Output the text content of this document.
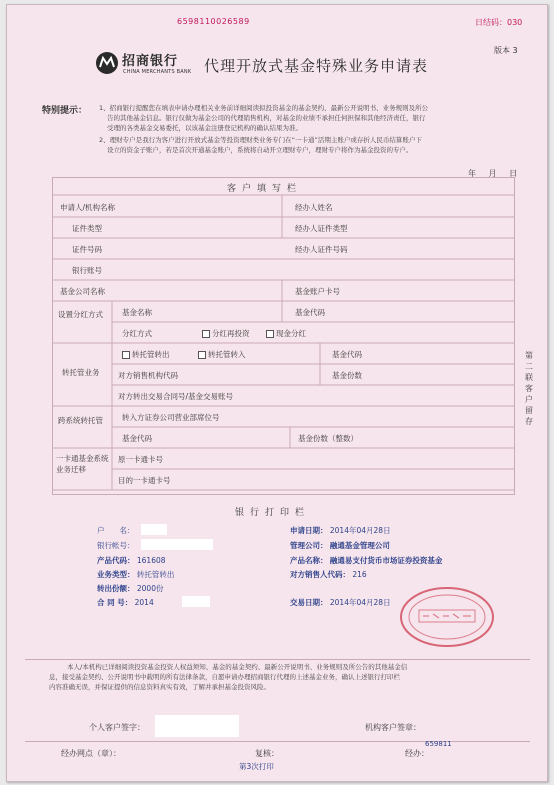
6598110026589	日结码：030
版本 3
招商银行
CHINA MERCHANTS BANK 代理开放式基金特殊业务申请表
特别提示： 1、招商银行提醒您在填表申请办理相关业务前详细阅读拟投资基金的基金契约、最新公开说明书、业务规则及所公
告的其他基金信息。银行仅做为基金公司的代理销售机构，对基金的业绩不承担任何担保和其他经济责任，银行
受理的各类基金交易委托，以该基金注册登记机构的确认结果为准。
2、理财专户是我行为客户进行开放式基金等投资理财类业务专门在“一卡通”活期主账户或存折人民币结算账户下
设立的资金子账户，若是首次开通基金账户，系统将自动开立理财专户，理财专户将作为基金投资的专户。
年 月 日
客户填写栏
申请人/机构名称	经办人姓名
证件类型	经办人证件类型
证件号码	经办人证件号码
银行账号
基金公司名称	基金账户卡号
设置分红方式	基金名称	基金代码
分红方式	分红再投资	现金分红
转托管业务
转托管转出	转托管转入	基金代码
对方销售机构代码	基金份数
对方转出交易合同号/基金交易账号
跨系统转托管	转入方证券公司营业部席位号
基金代码	基金份数（整数）
一卡通基金系统业务迁移
原一卡通卡号
目的一卡通卡号
第二联 客户留存
银行打印栏
户　　名：
银行帐号：
产品代码： 161608
业务类型： 转托管转出
转出份额： 2000份
合 同 号： 2014
申请日期： 2014年04月28日
管理公司： 融通基金管理公司
产品名称： 融通易支付货币市场证券投资基金
对方销售人代码： 216
交易日期： 2014年04月28日
本人/本机构已详细阅读投资基金投资人权益须知、基金的基金契约、最新公开说明书、业务规则及所公告的其他基金信
息，接受基金契约、公开说明书中载明的所有法律条款，自愿申请办理招商银行代理的上述基金业务，确认上述银行打印栏
内容准确无误，并保证提供的信息资料真实有效，了解并承担基金投资风险。
个人客户签字：	机构客户签章：
经办网点（章）：	复核：	经办：
659811
第3次打印
